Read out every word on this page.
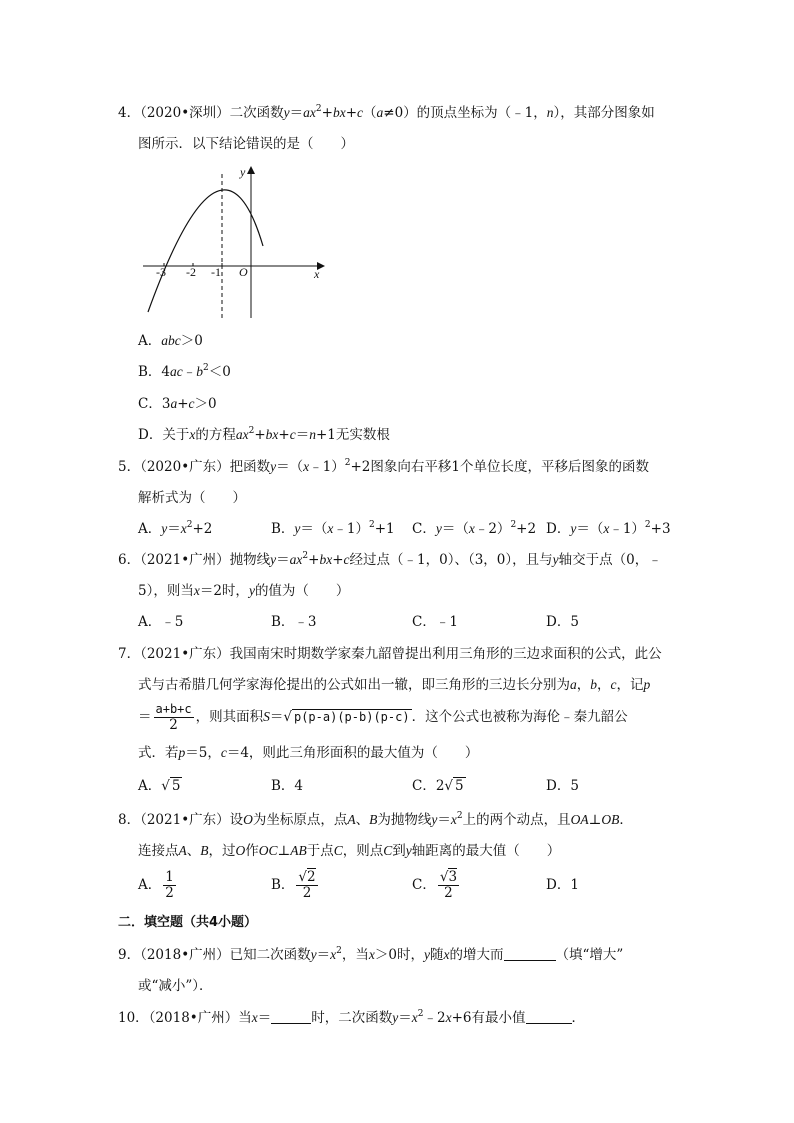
4．（2020•深圳）二次函数$y=ax^2+bx+c(a\ne 0)$的顶点坐标为（﹣1，n），其部分图象如
图所示．以下结论错误的是（　　）
-3 -2 -1 O	x
y
A．abc＞0
B．$4ac﹣b^2<0$
C．3a+c＞0
D．关于x的方程$ax^2+bx+c=n+1$无实数根
5．（2020•广东）把函数y＝（x﹣1）$^2$+2图象向右平移1个单位长度，平移后图象的函数
解析式为（　　）
A．$y=x^2+2$	B．y＝（x﹣1）$^2$+1 C．y＝（x﹣2）$^2$+2 D．y＝（x﹣1）$^2$+3
6．（2021•广州）抛物线$y=ax^2+bx+c$经过点（﹣1，0）、（3，0），且与y轴交于点（0，﹣
5），则当x＝2时，y的值为（　　）
A．﹣5	B．﹣3	C．﹣1	D．5
7．（2021•广东）我国南宋时期数学家秦九韶曾提出利用三角形的三边求面积的公式，此公
式与古希腊几何学家海伦提出的公式如出一辙，即三角形的三边长分别为a，b，c，记p
＝ $\frac{a+b+c}{2}$ ，则其面积S＝√ p(p-a)(p-b)(p-c) ．这个公式也被称为海伦﹣秦九韶公
式．若p＝5，c＝4，则此三角形面积的最大值为（　　）
A．√ 5	B．4	C．2√ 5	D．5
8．（2021•广东）设O为坐标原点，点A、B为抛物线$y=x^2$上的两个动点，且OA⊥OB．
连接点A、B，过O作OC⊥AB于点C，则点C到y轴距离的最大值（　　）
A． $\frac{1}{2}$	B． $\frac{√2}{2}$	C． $\frac{√3}{2}$	D．1
二．填空题（共4小题）
9．（2018•广州）已知二次函数$y=x^2$，当x＞0时，y随x的增大而	（填“增大”
或“减小”）．
10．（2018•广州）当x＝	时，二次函数$y=x^2﹣2x+6$有最小值	．
